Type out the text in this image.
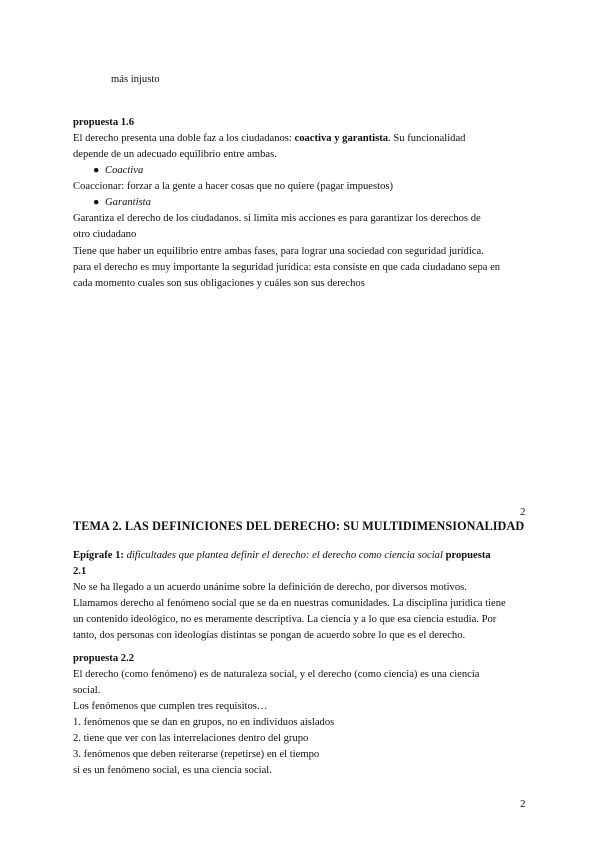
más injusto
propuesta 1.6
El derecho presenta una doble faz a los ciudadanos: coactiva y garantista. Su funcionalidad
depende de un adecuado equilibrio entre ambas.
● Coactiva
Coaccionar: forzar a la gente a hacer cosas que no quiere (pagar impuestos)
● Garantista
Garantiza el derecho de los ciudadanos. si limita mis acciones es para garantizar los derechos de
otro ciudadano
Tiene que haber un equilibrio entre ambas fases, para lograr una sociedad con seguridad jurídica.
para el derecho es muy importante la seguridad jurídica: esta consiste en que cada ciudadano sepa en
cada momento cuales son sus obligaciones y cuáles son sus derechos
2
TEMA 2. LAS DEFINICIONES DEL DERECHO: SU MULTIDIMENSIONALIDAD
Epígrafe 1: dificultades que plantea definir el derecho: el derecho como ciencia social propuesta
2.1
No se ha llegado a un acuerdo unánime sobre la definición de derecho, por diversos motivos.
Llamamos derecho al fenómeno social que se da en nuestras comunidades. La disciplina jurídica tiene
un contenido ideológico, no es meramente descriptiva. La ciencia y a lo que esa ciencia estudia. Por
tanto, dos personas con ideologías distintas se pongan de acuerdo sobre lo que es el derecho.
propuesta 2.2
El derecho (como fenómeno) es de naturaleza social, y el derecho (como ciencia) es una ciencia
social.
Los fenómenos que cumplen tres requisitos…
1. fenómenos que se dan en grupos, no en individuos aislados
2. tiene que ver con las interrelaciones dentro del grupo
3. fenómenos que deben reiterarse (repetirse) en el tiempo
si es un fenómeno social, es una ciencia social.
2
